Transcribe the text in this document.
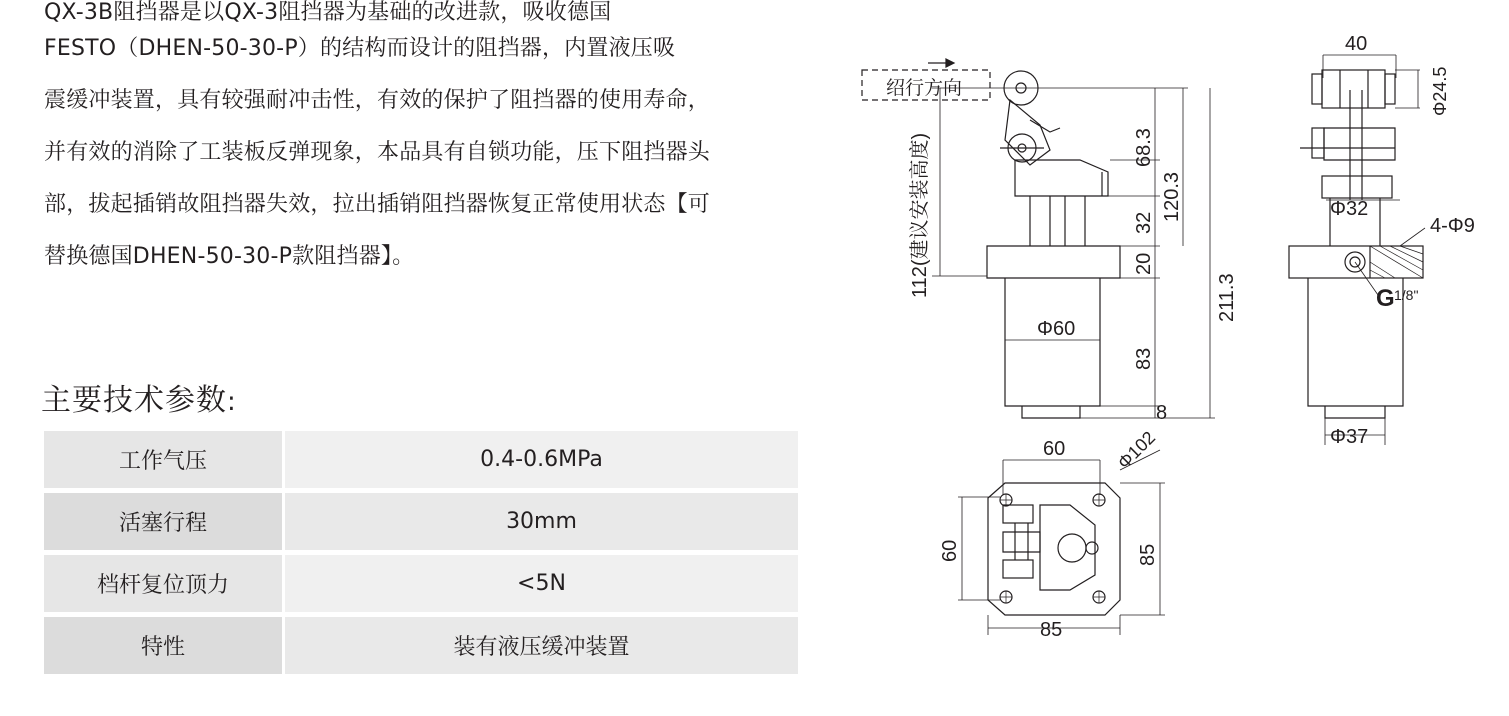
QX-3B阻挡器是以QX-3阻挡器为基础的改进款，吸收德国
FESTO（DHEN-50-30-P）的结构而设计的阻挡器，内置液压吸
震缓冲装置，具有较强耐冲击性，有效的保护了阻挡器的使用寿命，
并有效的消除了工装板反弹现象，本品具有自锁功能，压下阻挡器头
部，拔起插销故阻挡器失效，拉出插销阻挡器恢复正常使用状态【可
替换德国DHEN-50-30-P款阻挡器】。
主要技术参数:
工作气压	0.4-0.6MPa
活塞行程	30mm
档杆复位顶力	<5N
特性	装有液压缓冲装置
绍行方向
112(建议安装高度)	68.3
120.3
32
20
83
8
211.3
Φ60
40
Φ24.5
Φ32
4-Φ9
G 1/8"
Φ37
60	Φ102
60	85
85
